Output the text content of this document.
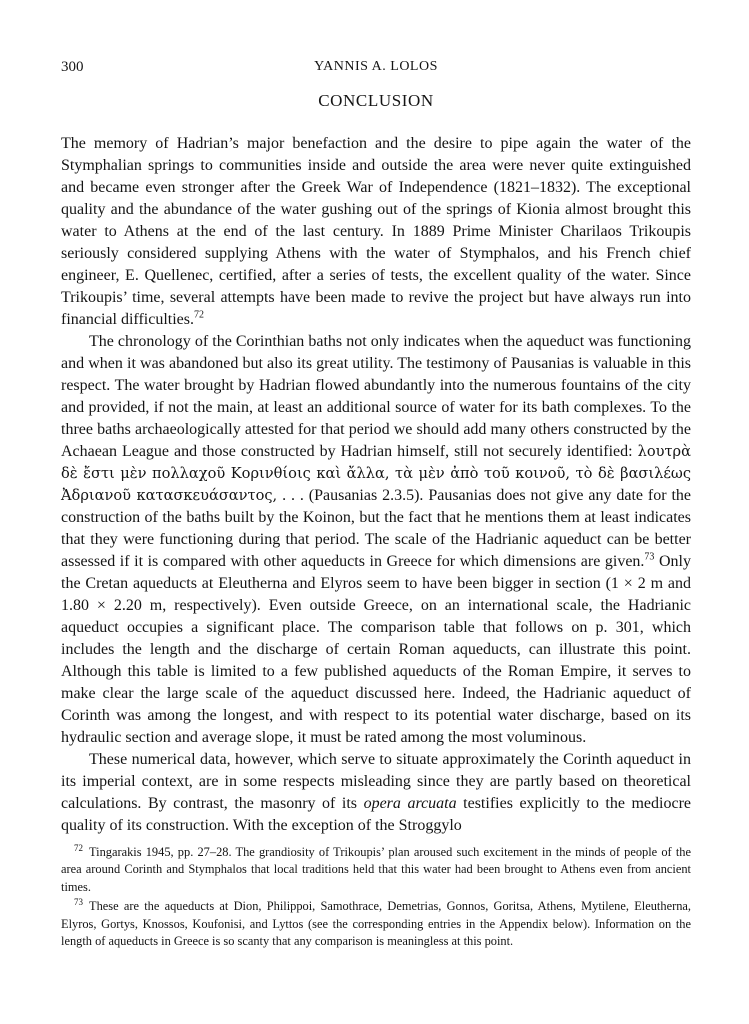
300	YANNIS A. LOLOS
CONCLUSION

The memory of Hadrian’s major benefaction and the desire to pipe again the water of the Stymphalian springs to communities inside and outside the area were never quite extinguished and became even stronger after the Greek War of Independence (1821–1832). The exceptional quality and the abundance of the water gushing out of the springs of Kionia almost brought this water to Athens at the end of the last century. In 1889 Prime Minister Charilaos Trikoupis seriously considered supplying Athens with the water of Stymphalos, and his French chief engineer, E. Quellenec, certified, after a series of tests, the excellent quality of the water. Since Trikoupis’ time, several attempts have been made to revive the project but have always run into financial difficulties.$^{72}$

The chronology of the Corinthian baths not only indicates when the aqueduct was functioning and when it was abandoned but also its great utility. The testimony of Pausanias is valuable in this respect. The water brought by Hadrian flowed abundantly into the numerous fountains of the city and provided, if not the main, at least an additional source of water for its bath complexes. To the three baths archaeologically attested for that period we should add many others constructed by the Achaean League and those constructed by Hadrian himself, still not securely identified: λουτρὰ δὲ ἔστι μὲν πολλαχοῦ Κορινθίοις καὶ ἄλλα, τὰ μὲν ἀπὸ τοῦ κοινοῦ, τὸ δὲ βασιλέως Ἀδριανοῦ κατασκευάσαντος, . . . (Pausanias 2.3.5). Pausanias does not give any date for the construction of the baths built by the Koinon, but the fact that he mentions them at least indicates that they were functioning during that period. The scale of the Hadrianic aqueduct can be better assessed if it is compared with other aqueducts in Greece for which dimensions are given.$^{73}$ Only the Cretan aqueducts at Eleutherna and Elyros seem to have been bigger in section (1 × 2 m and 1.80 × 2.20 m, respectively). Even outside Greece, on an international scale, the Hadrianic aqueduct occupies a significant place. The comparison table that follows on p. 301, which includes the length and the discharge of certain Roman aqueducts, can illustrate this point. Although this table is limited to a few published aqueducts of the Roman Empire, it serves to make clear the large scale of the aqueduct discussed here. Indeed, the Hadrianic aqueduct of Corinth was among the longest, and with respect to its potential water discharge, based on its hydraulic section and average slope, it must be rated among the most voluminous.

These numerical data, however, which serve to situate approximately the Corinth aqueduct in its imperial context, are in some respects misleading since they are partly based on theoretical calculations. By contrast, the masonry of its opera arcuata testifies explicitly to the mediocre quality of its construction. With the exception of the Stroggylo

$^{72}$ Tingarakis 1945, pp. 27–28. The grandiosity of Trikoupis’ plan aroused such excitement in the minds of people of the area around Corinth and Stymphalos that local traditions held that this water had been brought to Athens even from ancient times.

$^{73}$ These are the aqueducts at Dion, Philippoi, Samothrace, Demetrias, Gonnos, Goritsa, Athens, Mytilene, Eleutherna, Elyros, Gortys, Knossos, Koufonisi, and Lyttos (see the corresponding entries in the Appendix below). Information on the length of aqueducts in Greece is so scanty that any comparison is meaningless at this point.
